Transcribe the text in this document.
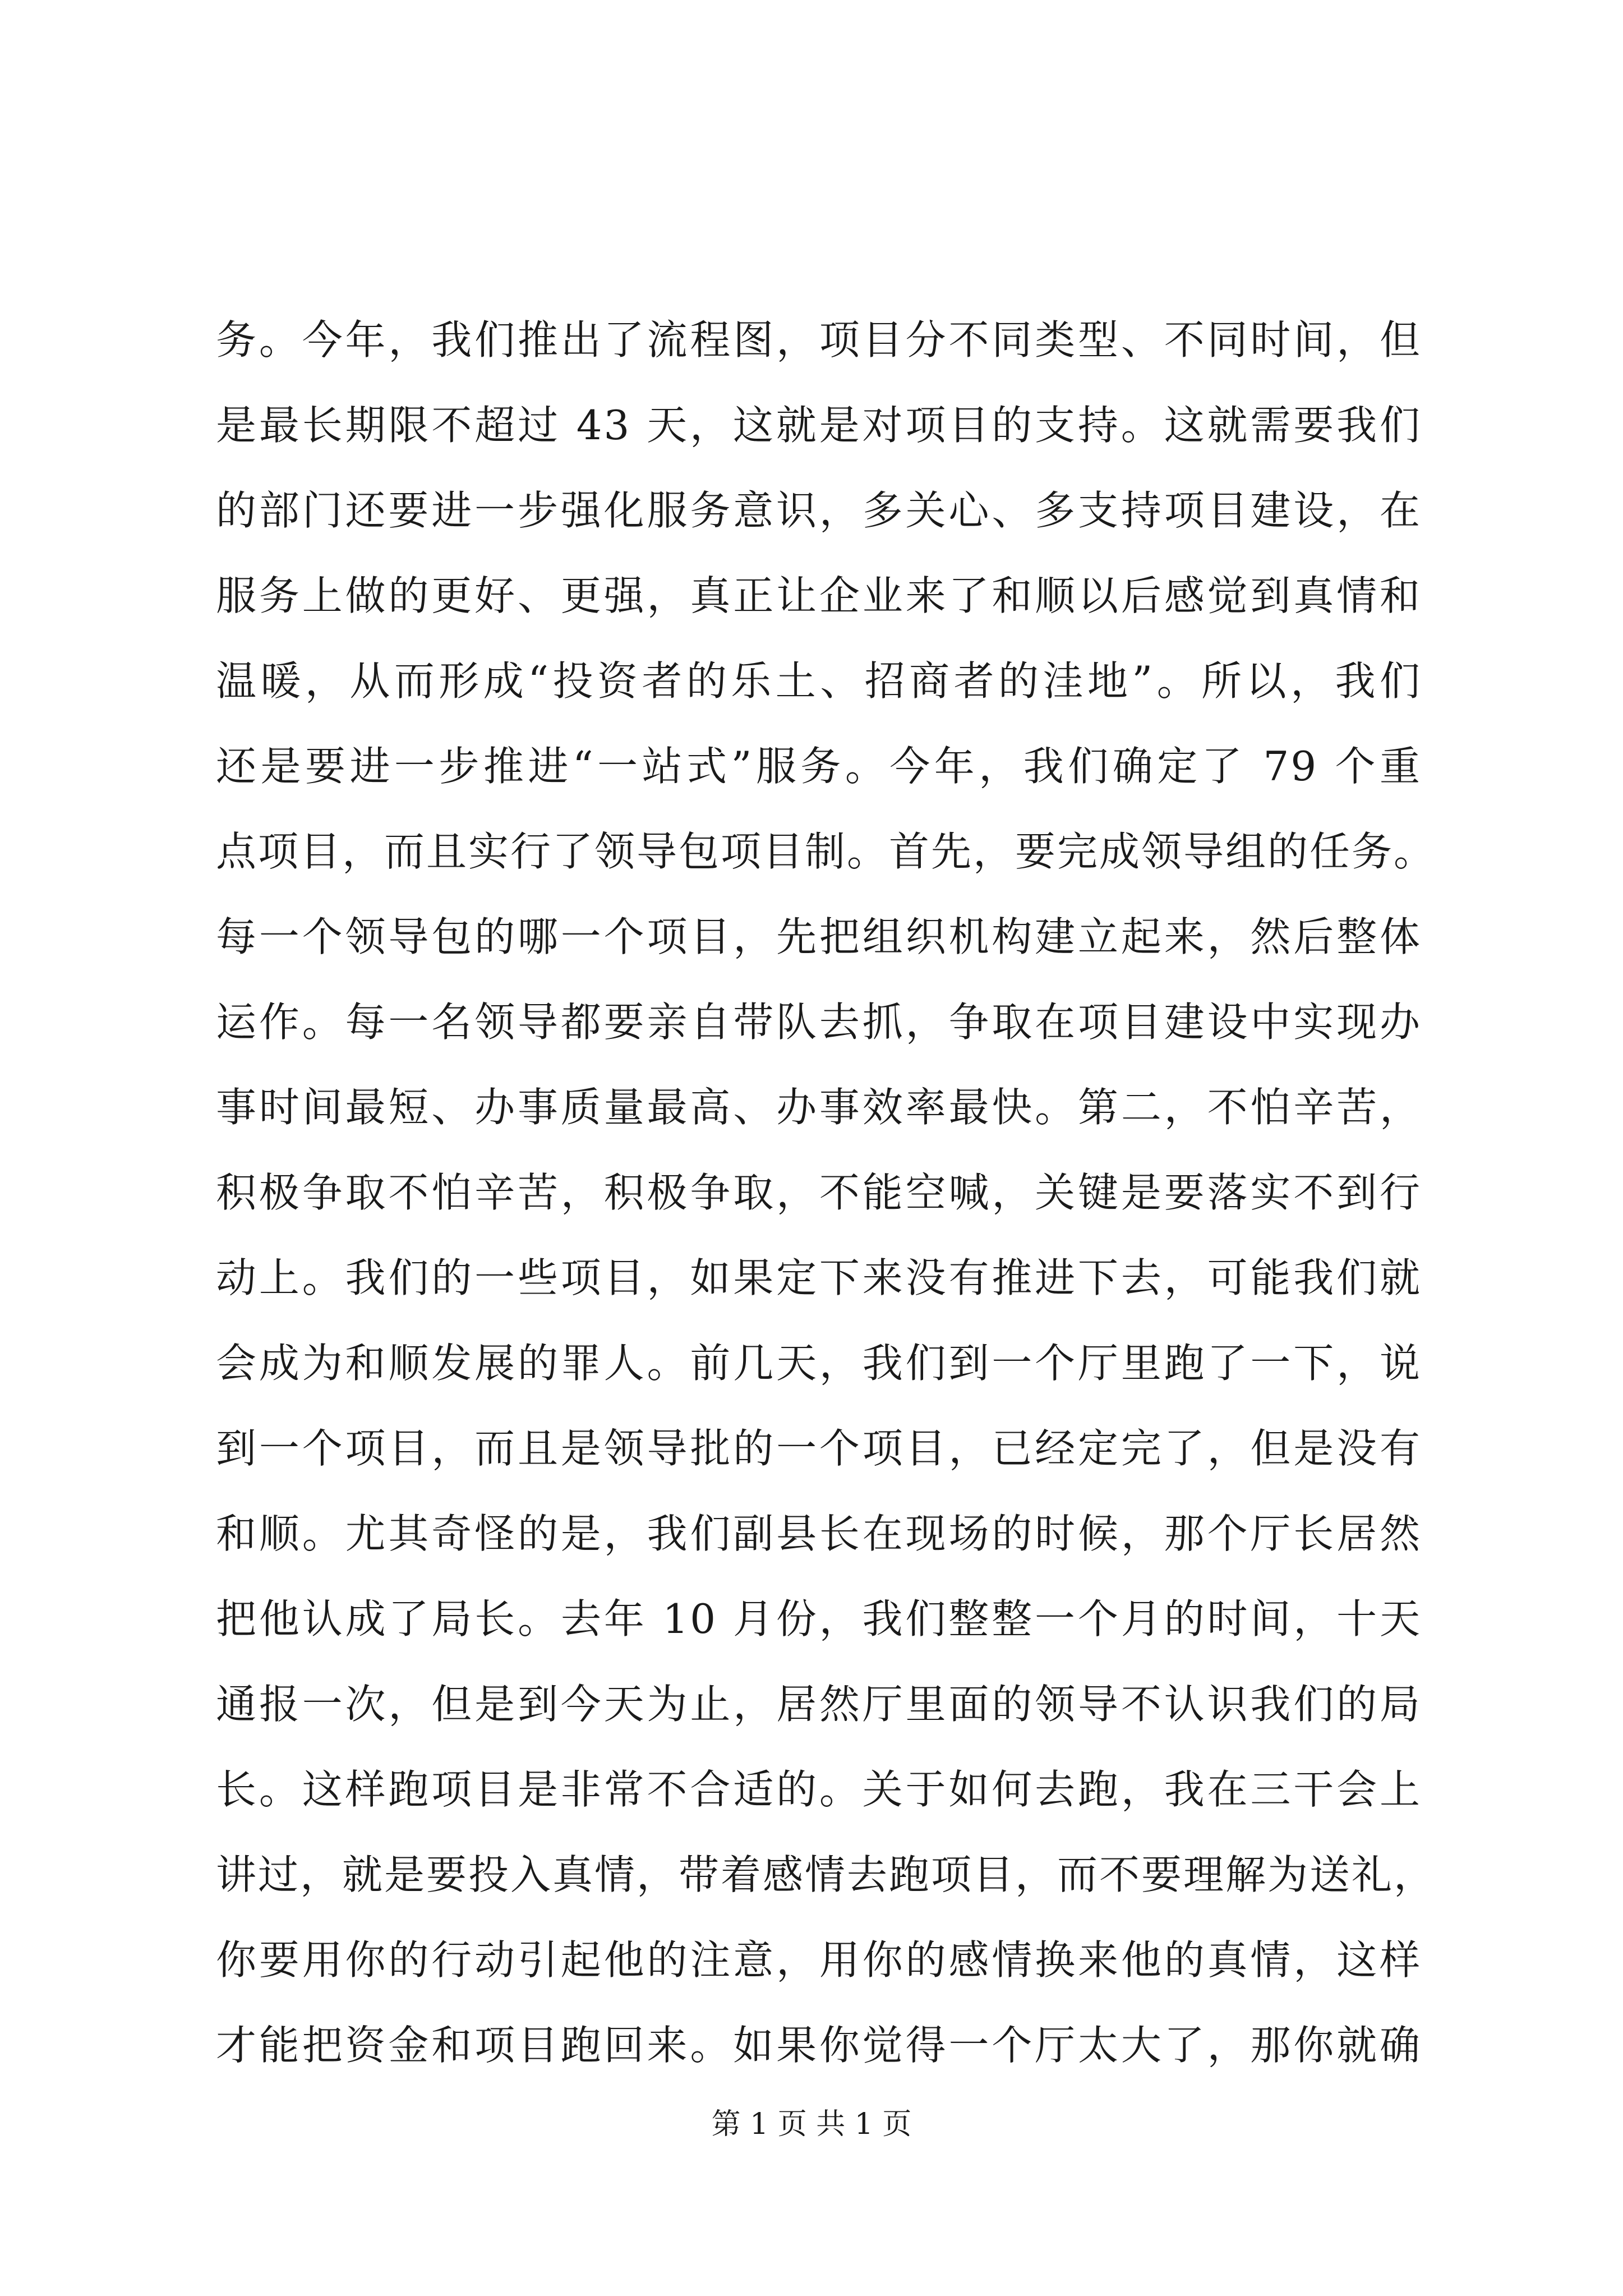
务。今年，我们推出了流程图，项目分不同类型、不同时间，但
是最长期限不超过 43 天，这就是对项目的支持。这就需要我们
的部门还要进一步强化服务意识，多关心、多支持项目建设，在
服务上做的更好、更强，真正让企业来了和顺以后感觉到真情和
温暖，从而形成“投资者的乐土、招商者的洼地”。所以，我们
还是要进一步推进“一站式”服务。今年，我们确定了 79 个重
点项目，而且实行了领导包项目制。首先，要完成领导组的任务。
每一个领导包的哪一个项目，先把组织机构建立起来，然后整体
运作。每一名领导都要亲自带队去抓，争取在项目建设中实现办
事时间最短、办事质量最高、办事效率最快。第二，不怕辛苦，
积极争取不怕辛苦，积极争取，不能空喊，关键是要落实不到行
动上。我们的一些项目，如果定下来没有推进下去，可能我们就
会成为和顺发展的罪人。前几天，我们到一个厅里跑了一下，说
到一个项目，而且是领导批的一个项目，已经定完了，但是没有
和顺。尤其奇怪的是，我们副县长在现场的时候，那个厅长居然
把他认成了局长。去年 10 月份，我们整整一个月的时间，十天
通报一次，但是到今天为止，居然厅里面的领导不认识我们的局
长。这样跑项目是非常不合适的。关于如何去跑，我在三干会上
讲过，就是要投入真情，带着感情去跑项目，而不要理解为送礼，
你要用你的行动引起他的注意，用你的感情换来他的真情，这样
才能把资金和项目跑回来。如果你觉得一个厅太大了，那你就确
第 1 页 共 1 页
